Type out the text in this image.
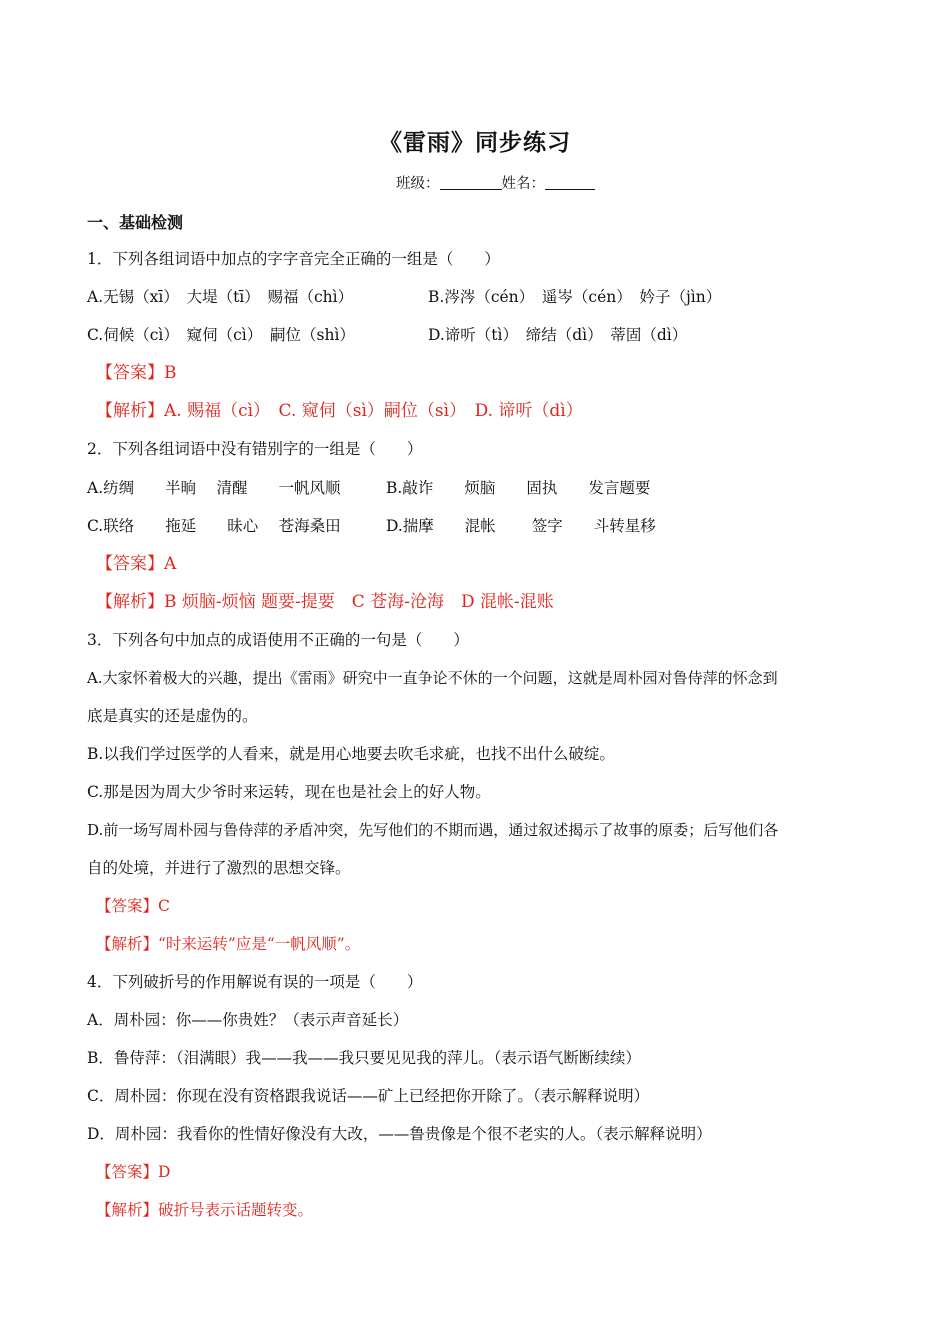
《雷雨》同步练习
班级：	姓名：
一、基础检测
1．下列各组词语中加点的字字音完全正确的一组是（　　）
A.无锡（xī）　大堤（tī）　赐福（chì）	B.涔涔（cén）　遥岑（cén）　妗子（jìn）
C.伺候（cì）　窥伺（cì）　嗣位（shì）	D.谛听（tì）　缔结（dì）　蒂固（dì）
【答案】B
【解析】A. 赐福（cì）　C. 窥伺（sì）嗣位（sì）　D. 谛听（dì）
2．下列各组词语中没有错别字的一组是（　　）
A.纺绸　　半晌　 清醒　　一帆风顺	B.敲诈　　烦脑　　固执　　发言题要
C.联络　　拖延　　昧心　 苍海桑田	D.揣摩　　混帐　　 签字　　斗转星移
【答案】A
【解析】B 烦脑-烦恼 题要-提要　C 苍海-沧海　D 混帐-混账
3．下列各句中加点的成语使用不正确的一句是（　　）
A.大家怀着极大的兴趣，提出《雷雨》研究中一直争论不休的一个问题，这就是周朴园对鲁侍萍的怀念到
底是真实的还是虚伪的。
B.以我们学过医学的人看来，就是用心地要去吹毛求疵，也找不出什么破绽。
C.那是因为周大少爷时来运转，现在也是社会上的好人物。
D.前一场写周朴园与鲁侍萍的矛盾冲突，先写他们的不期而遇，通过叙述揭示了故事的原委；后写他们各
自的处境，并进行了激烈的思想交锋。
【答案】C
【解析】“时来运转”应是“一帆风顺”。
4．下列破折号的作用解说有误的一项是（　　）
A．周朴园：你——你贵姓？（表示声音延长）
B．鲁侍萍：（泪满眼）我——我——我只要见见我的萍儿。（表示语气断断续续）
C．周朴园：你现在没有资格跟我说话——矿上已经把你开除了。（表示解释说明）
D．周朴园：我看你的性情好像没有大改，——鲁贵像是个很不老实的人。（表示解释说明）
【答案】D
【解析】破折号表示话题转变。
